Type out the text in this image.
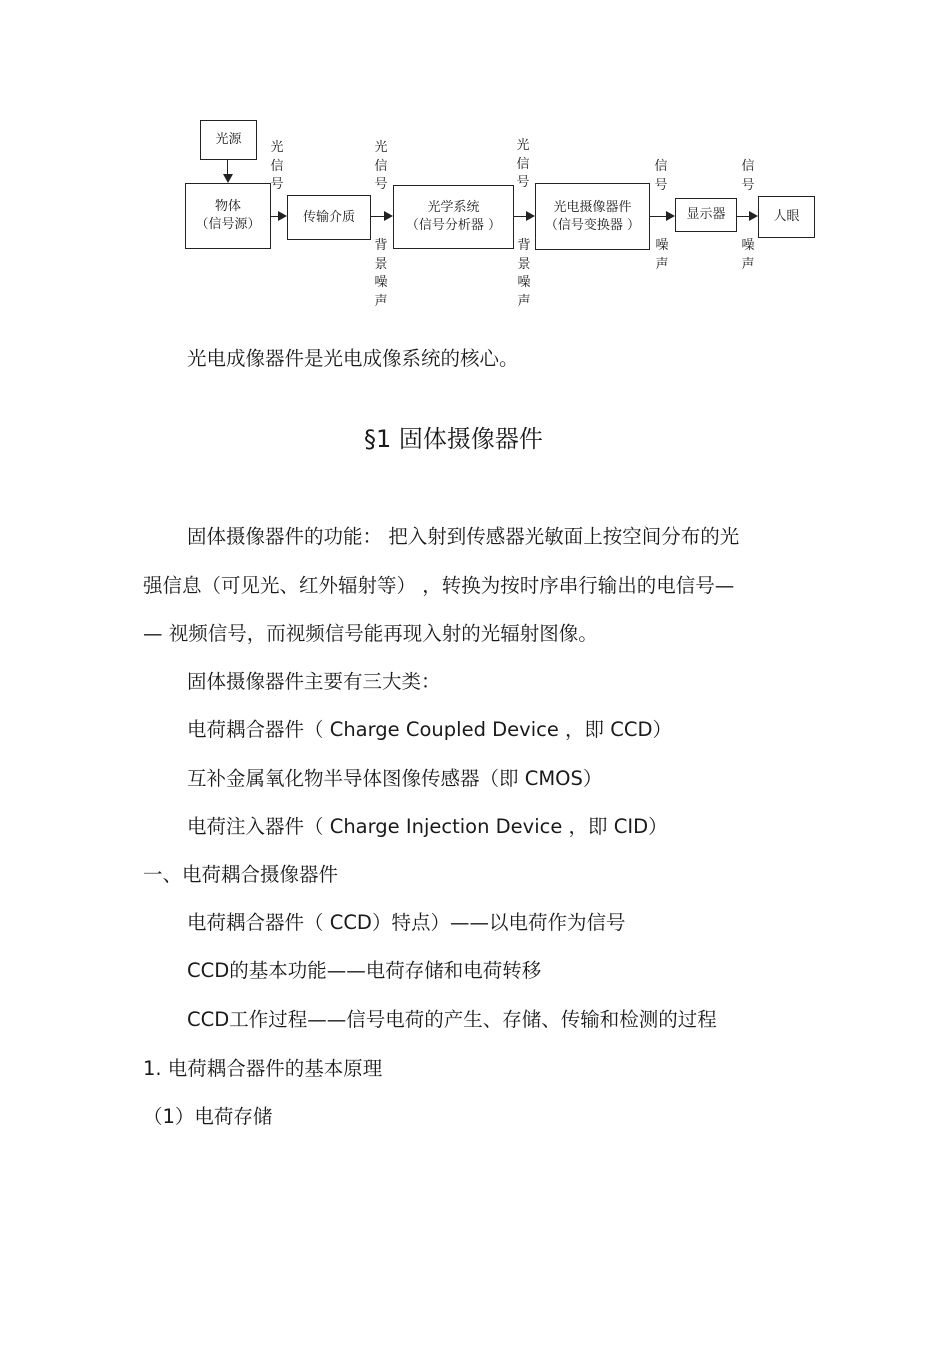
光源
物体
（信号源）	传输介质
光学系统
（信号分析器 ）
光电摄像器件
（信号变换器 ）
显示器	人眼
光
信
号
光
信
号
光
信
号
信
号
信
号
背
景
噪
声
背
景
噪
声
噪
声
噪
声
光电成像器件是光电成像系统的核心。
§1 固体摄像器件
固体摄像器件的功能： 把入射到传感器光敏面上按空间分布的光
强信息（可见光、红外辐射等） ，转换为按时序串行输出的电信号—
— 视频信号，而视频信号能再现入射的光辐射图像。
固体摄像器件主要有三大类：
电荷耦合器件（ Charge Coupled Device ，即 CCD）
互补金属氧化物半导体图像传感器（即 CMOS）
电荷注入器件（ Charge Injection Device ，即 CID）
一、电荷耦合摄像器件
电荷耦合器件（ CCD）特点）——以电荷作为信号
CCD的基本功能——电荷存储和电荷转移
CCD工作过程——信号电荷的产生、存储、传输和检测的过程
1. 电荷耦合器件的基本原理
（1）电荷存储
